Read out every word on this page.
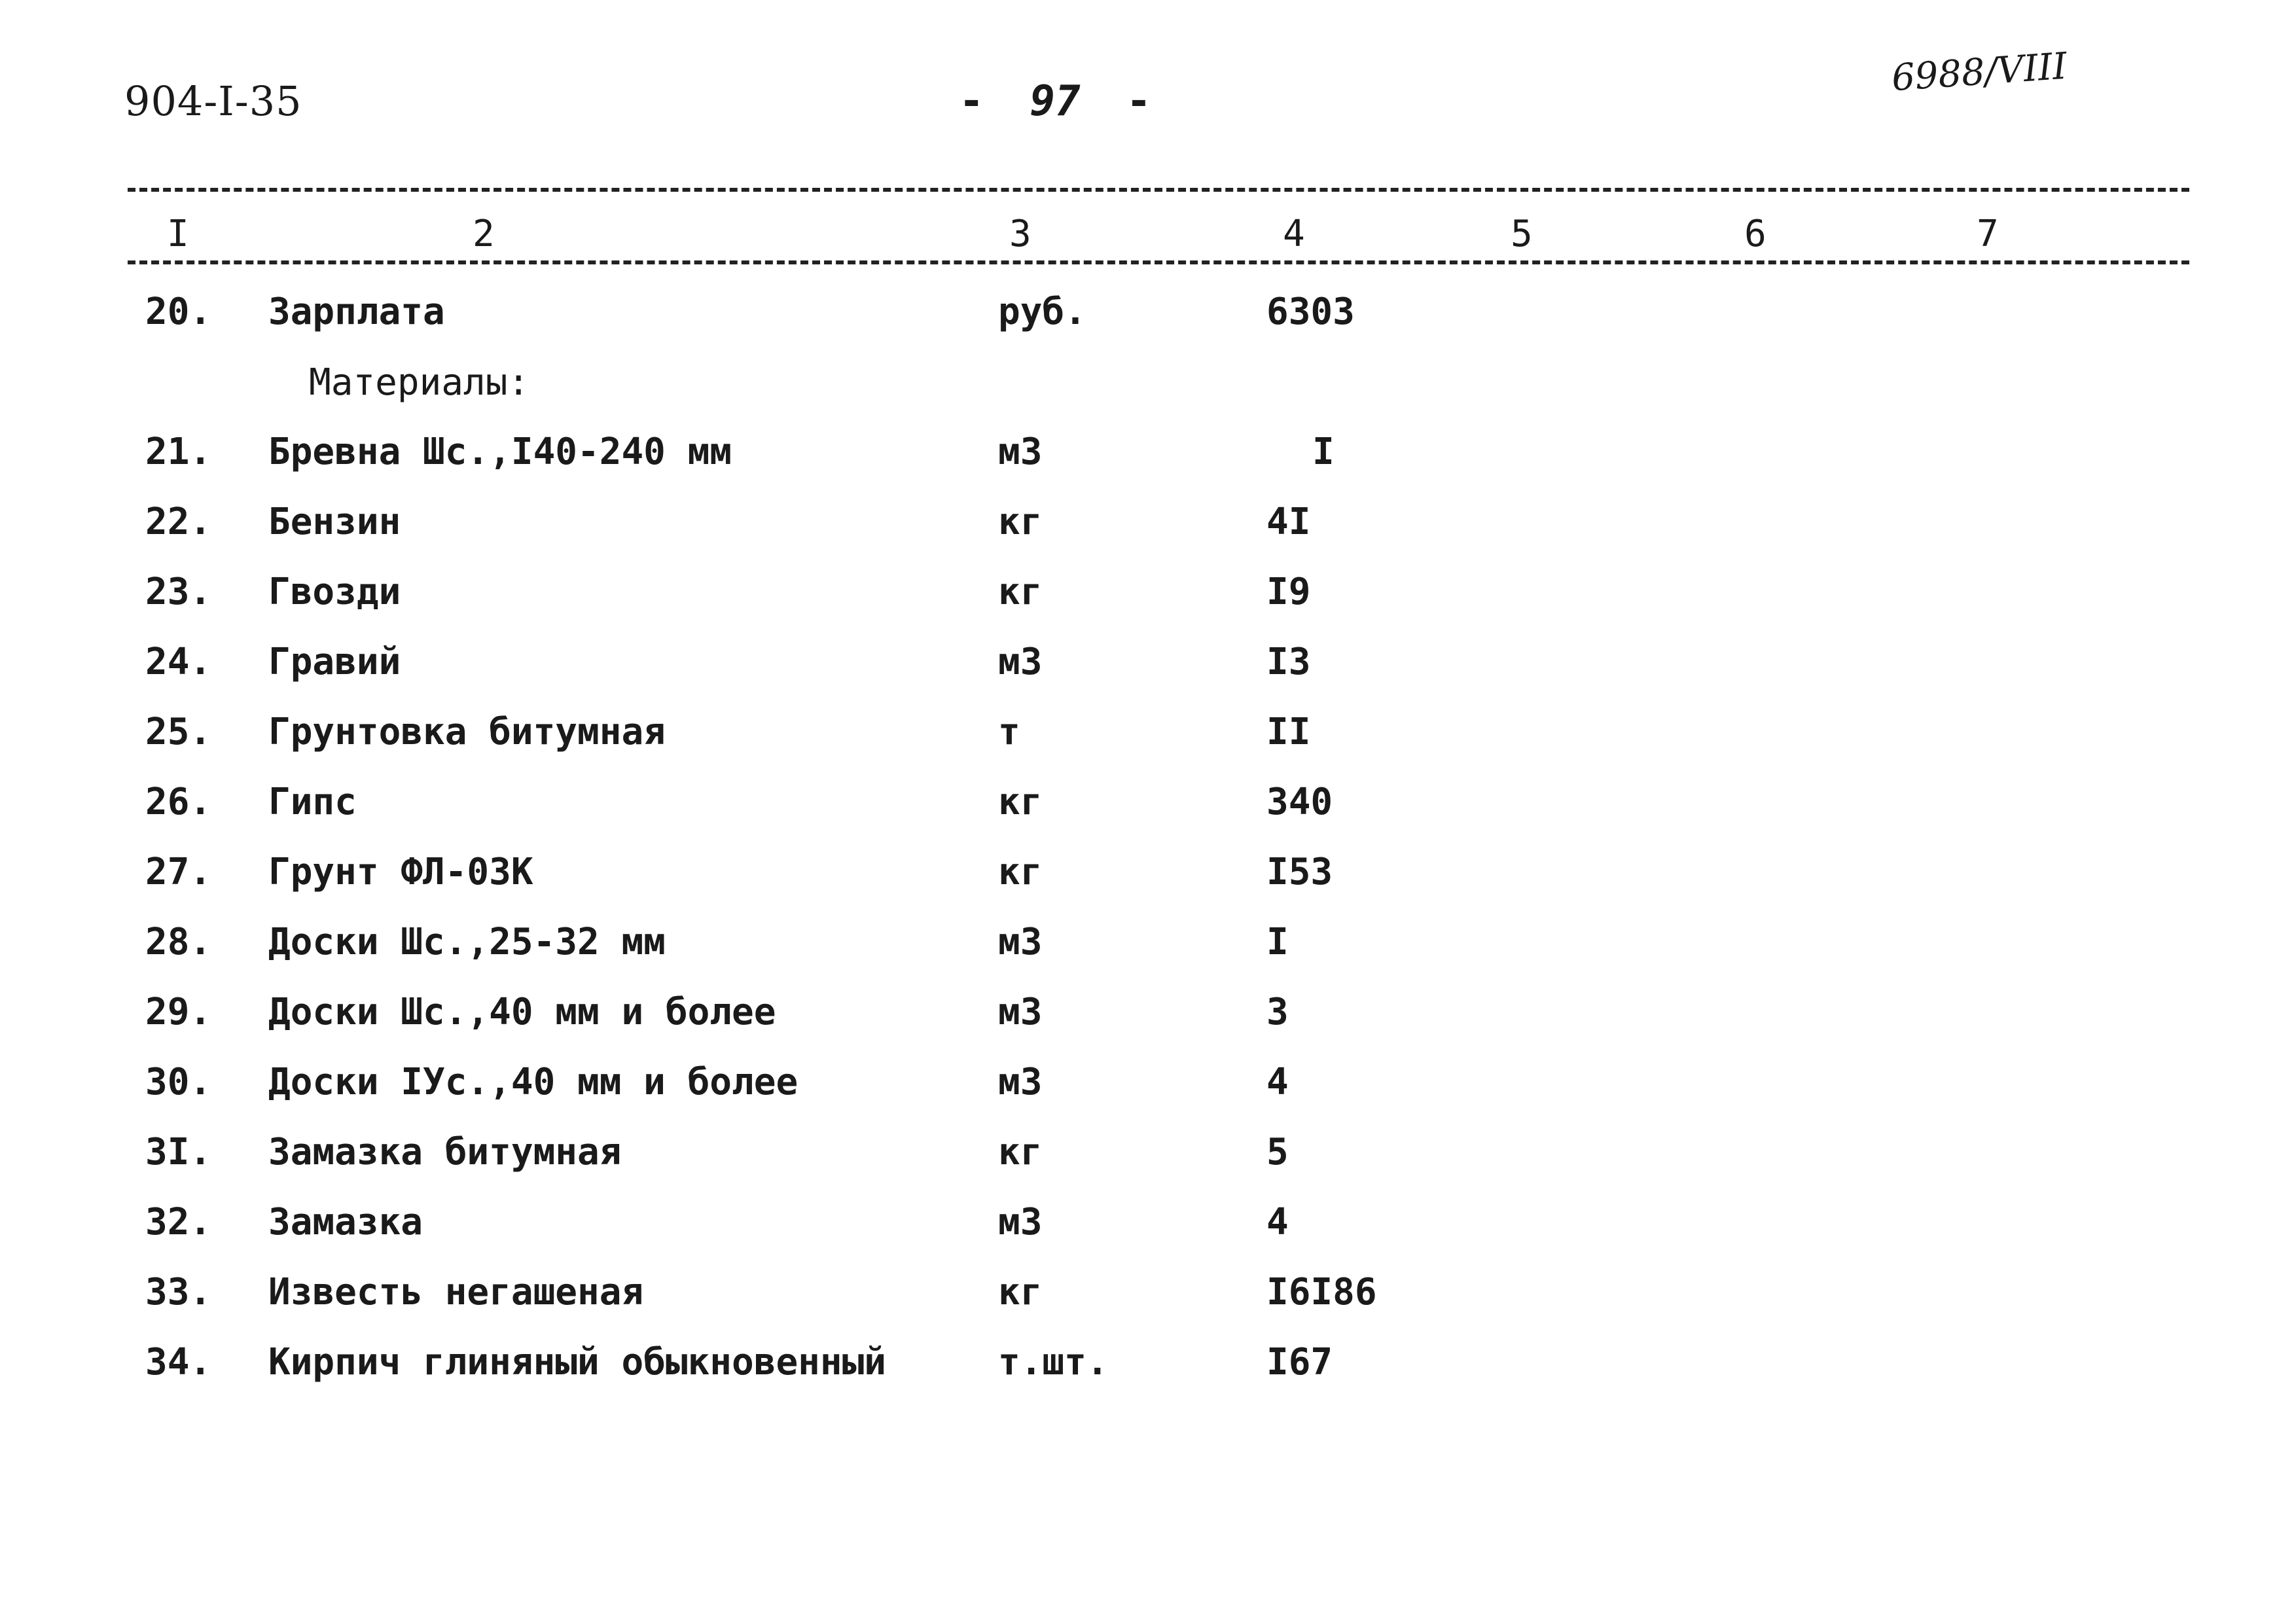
904-I-35	- 97 -
6988/VIII
I	2	3	4	5	6	7
20. Зарплата	руб.	6303
Материалы:
21. Бревна Шс.,I40-240 мм	м3	I
22. Бензин	кг	4I
23. Гвозди	кг	I9
24. Гравий	м3	I3
25. Грунтовка битумная	т	II
26. Гипс	кг	340
27. Грунт ФЛ-03К	кг	I53
28. Доски Шс.,25-32 мм	м3	I
29. Доски Шс.,40 мм и более	м3	3
30. Доски IУс.,40 мм и более	м3	4
3I. Замазка битумная	кг	5
32. Замазка	м3	4
33. Известь негашеная	кг	I6I86
34. Кирпич глиняный обыкновенный	т.шт.	I67
